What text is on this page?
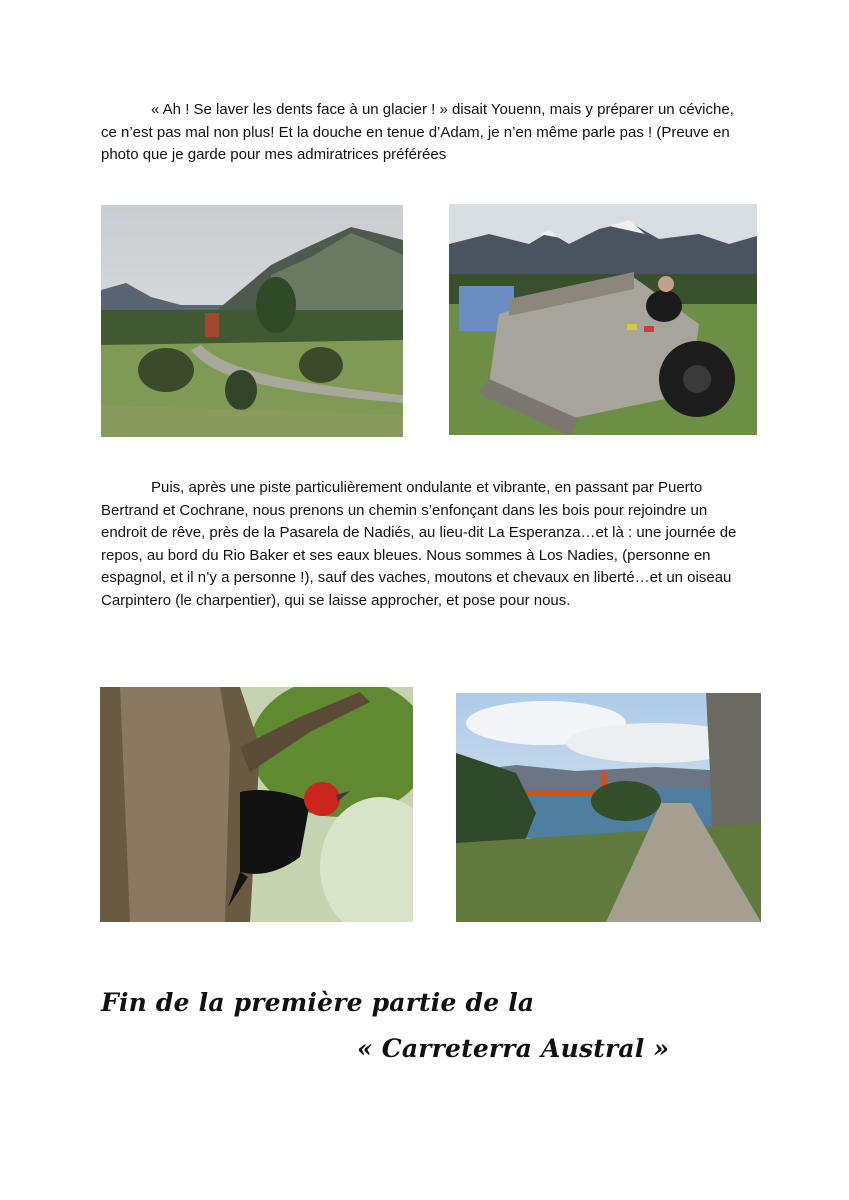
« Ah ! Se laver les dents face à un glacier ! » disait Youenn, mais y préparer un céviche, ce n’est pas mal non plus! Et la douche en tenue d’Adam, je n’en même parle pas ! (Preuve en photo que je garde pour mes admiratrices préférées

Puis, après une piste particulièrement ondulante et vibrante, en passant par Puerto Bertrand et Cochrane, nous prenons un chemin s’enfonçant dans les bois pour rejoindre un endroit de rêve, près de la Pasarela de Nadiés, au lieu-dit La Esperanza…et là : une journée de repos, au bord du Rio Baker et ses eaux bleues. Nous sommes à Los Nadies, (personne en espagnol, et il n’y a personne !), sauf des vaches, moutons et chevaux en liberté…et un oiseau Carpintero (le charpentier), qui se laisse approcher, et pose pour nous.

Fin de la première partie de la
« Carreterra Austral »
